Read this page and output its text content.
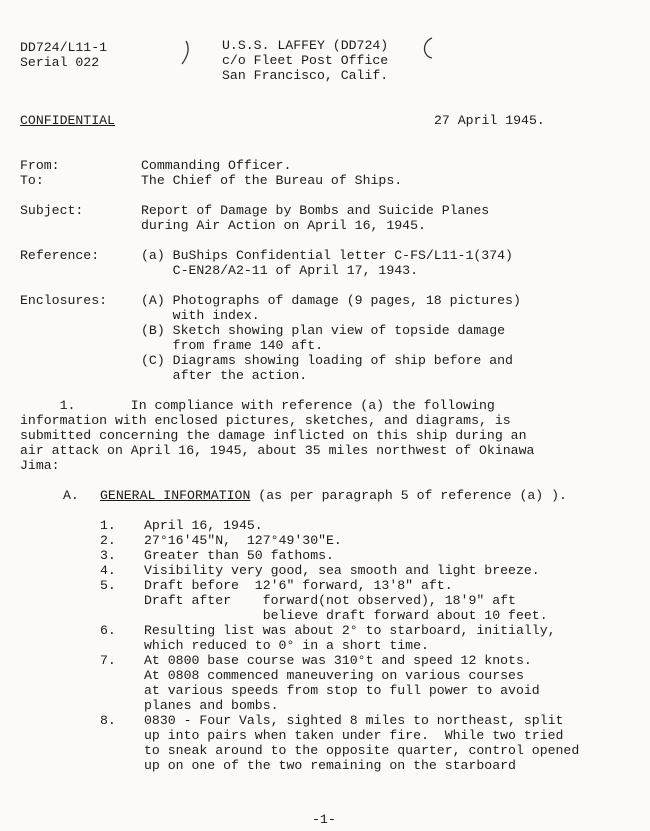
DD724/L11-1
Serial 022
U.S.S. LAFFEY (DD724)
c/o Fleet Post Office
San Francisco, Calif.
CONFIDENTIAL	27 April 1945.
From:	Commanding Officer.
To:	The Chief of the Bureau of Ships.
Subject:	Report of Damage by Bombs and Suicide Planes
during Air Action on April 16, 1945.
Reference:	(a) BuShips Confidential letter C-FS/L11-1(374)
C-EN28/A2-11 of April 17, 1943.
Enclosures:	(A) Photographs of damage (9 pages, 18 pictures)
with index.
(B) Sketch showing plan view of topside damage
from frame 140 aft.
(C) Diagrams showing loading of ship before and
after the action.
1.       In compliance with reference (a) the following
information with enclosed pictures, sketches, and diagrams, is
submitted concerning the damage inflicted on this ship during an
air attack on April 16, 1945, about 35 miles northwest of Okinawa
Jima:
A. GENERAL INFORMATION (as per paragraph 5 of reference (a) ).
1. April 16, 1945.
2. 27°16'45"N,  127°49'30"E.
3. Greater than 50 fathoms.
4. Visibility very good, sea smooth and light breeze.
5. Draft before  12'6" forward, 13'8" aft.
Draft after    forward(not observed), 18'9" aft
believe draft forward about 10 feet.
6. Resulting list was about 2° to starboard, initially,
which reduced to 0° in a short time.
7. At 0800 base course was 310°t and speed 12 knots.
At 0808 commenced maneuvering on various courses
at various speeds from stop to full power to avoid
planes and bombs.
8. 0830 - Four Vals, sighted 8 miles to northeast, split
up into pairs when taken under fire.  While two tried
to sneak around to the opposite quarter, control opened
up on one of the two remaining on the starboard
-1-
